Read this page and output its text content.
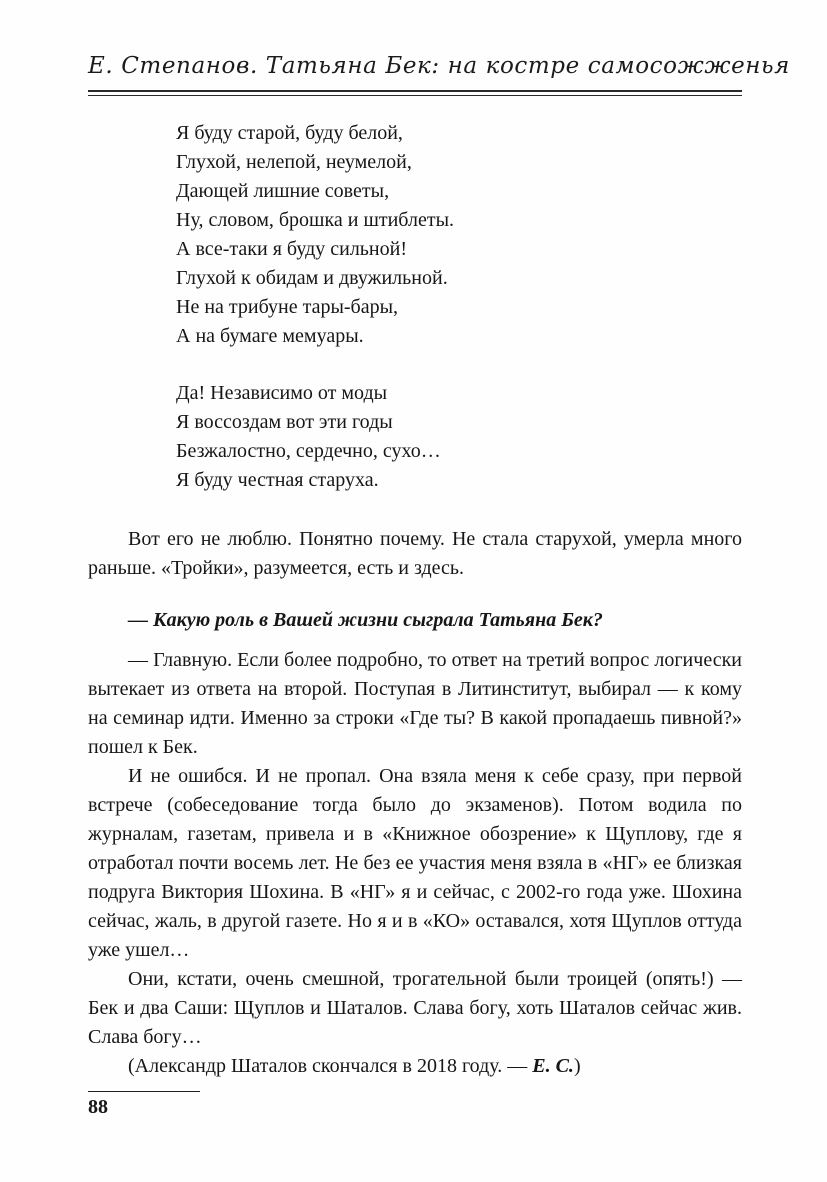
Е. Степанов. Татьяна Бек: на костре самосожженья
Я буду старой, буду белой,
Глухой, нелепой, неумелой,
Дающей лишние советы,
Ну, словом, брошка и штиблеты.
А все-таки я буду сильной!
Глухой к обидам и двужильной.
Не на трибуне тары-бары,
А на бумаге мемуары.
Да! Независимо от моды
Я воссоздам вот эти годы
Безжалостно, сердечно, сухо…
Я буду честная старуха.

Вот его не люблю. Понятно почему. Не стала старухой, умерла много раньше. «Тройки», разумеется, есть и здесь.

— Какую роль в Вашей жизни сыграла Татьяна Бек?

— Главную. Если более подробно, то ответ на третий вопрос логически вытекает из ответа на второй. Поступая в Литинститут, выбирал — к кому на семинар идти. Именно за строки «Где ты? В какой пропадаешь пивной?» пошел к Бек.

И не ошибся. И не пропал. Она взяла меня к себе сразу, при первой встрече (собеседование тогда было до экзаменов). Потом водила по журналам, газетам, привела и в «Книжное обозрение» к Щуплову, где я отработал почти восемь лет. Не без ее участия меня взяла в «НГ» ее близкая подруга Виктория Шохина. В «НГ» я и сейчас, с 2002-го года уже. Шохина сейчас, жаль, в другой газете. Но я и в «КО» оставался, хотя Щуплов оттуда уже ушел…

Они, кстати, очень смешной, трогательной были троицей (опять!) — Бек и два Саши: Щуплов и Шаталов. Слава богу, хоть Шаталов сейчас жив. Слава богу…

(Александр Шаталов скончался в 2018 году. — Е. С.)

88
